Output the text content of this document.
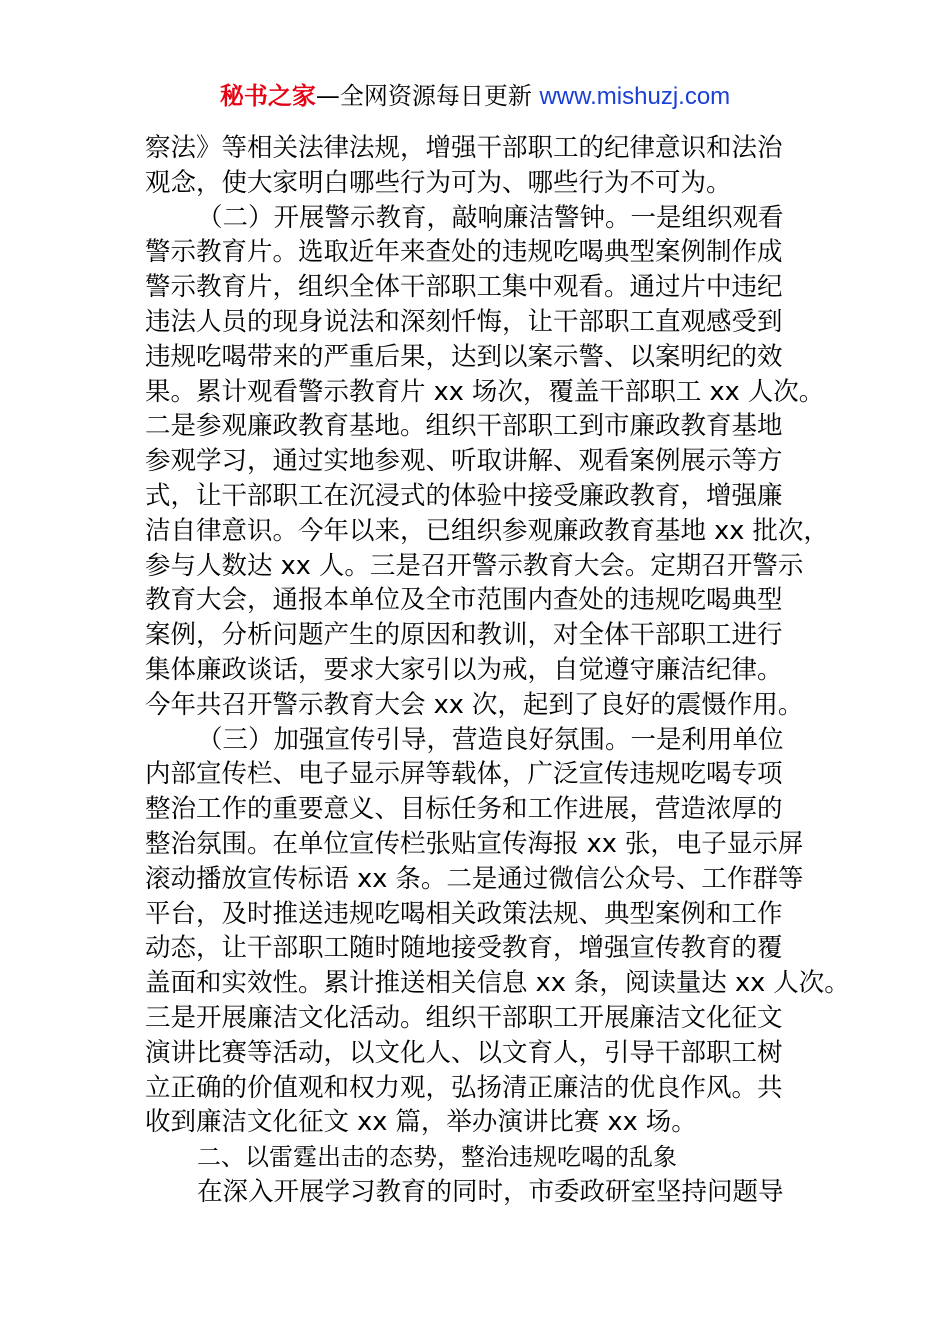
秘书之家—全网资源每日更新 www.mishuzj.com
察法》等相关法律法规，增强干部职工的纪律意识和法治
观念，使大家明白哪些行为可为、哪些行为不可为。
（二）开展警示教育，敲响廉洁警钟。一是组织观看
警示教育片。选取近年来查处的违规吃喝典型案例制作成
警示教育片，组织全体干部职工集中观看。通过片中违纪
违法人员的现身说法和深刻忏悔，让干部职工直观感受到
违规吃喝带来的严重后果，达到以案示警、以案明纪的效
果。累计观看警示教育片 xx 场次，覆盖干部职工 xx 人次。
二是参观廉政教育基地。组织干部职工到市廉政教育基地
参观学习，通过实地参观、听取讲解、观看案例展示等方
式，让干部职工在沉浸式的体验中接受廉政教育，增强廉
洁自律意识。今年以来，已组织参观廉政教育基地 xx 批次，
参与人数达 xx 人。三是召开警示教育大会。定期召开警示
教育大会，通报本单位及全市范围内查处的违规吃喝典型
案例，分析问题产生的原因和教训，对全体干部职工进行
集体廉政谈话，要求大家引以为戒，自觉遵守廉洁纪律。
今年共召开警示教育大会 xx 次，起到了良好的震慑作用。
（三）加强宣传引导，营造良好氛围。一是利用单位
内部宣传栏、电子显示屏等载体，广泛宣传违规吃喝专项
整治工作的重要意义、目标任务和工作进展，营造浓厚的
整治氛围。在单位宣传栏张贴宣传海报 xx 张，电子显示屏
滚动播放宣传标语 xx 条。二是通过微信公众号、工作群等
平台，及时推送违规吃喝相关政策法规、典型案例和工作
动态，让干部职工随时随地接受教育，增强宣传教育的覆
盖面和实效性。累计推送相关信息 xx 条，阅读量达 xx 人次。
三是开展廉洁文化活动。组织干部职工开展廉洁文化征文
演讲比赛等活动，以文化人、以文育人，引导干部职工树
立正确的价值观和权力观，弘扬清正廉洁的优良作风。共
收到廉洁文化征文 xx 篇，举办演讲比赛 xx 场。
二、以雷霆出击的态势，整治违规吃喝的乱象
在深入开展学习教育的同时，市委政研室坚持问题导
